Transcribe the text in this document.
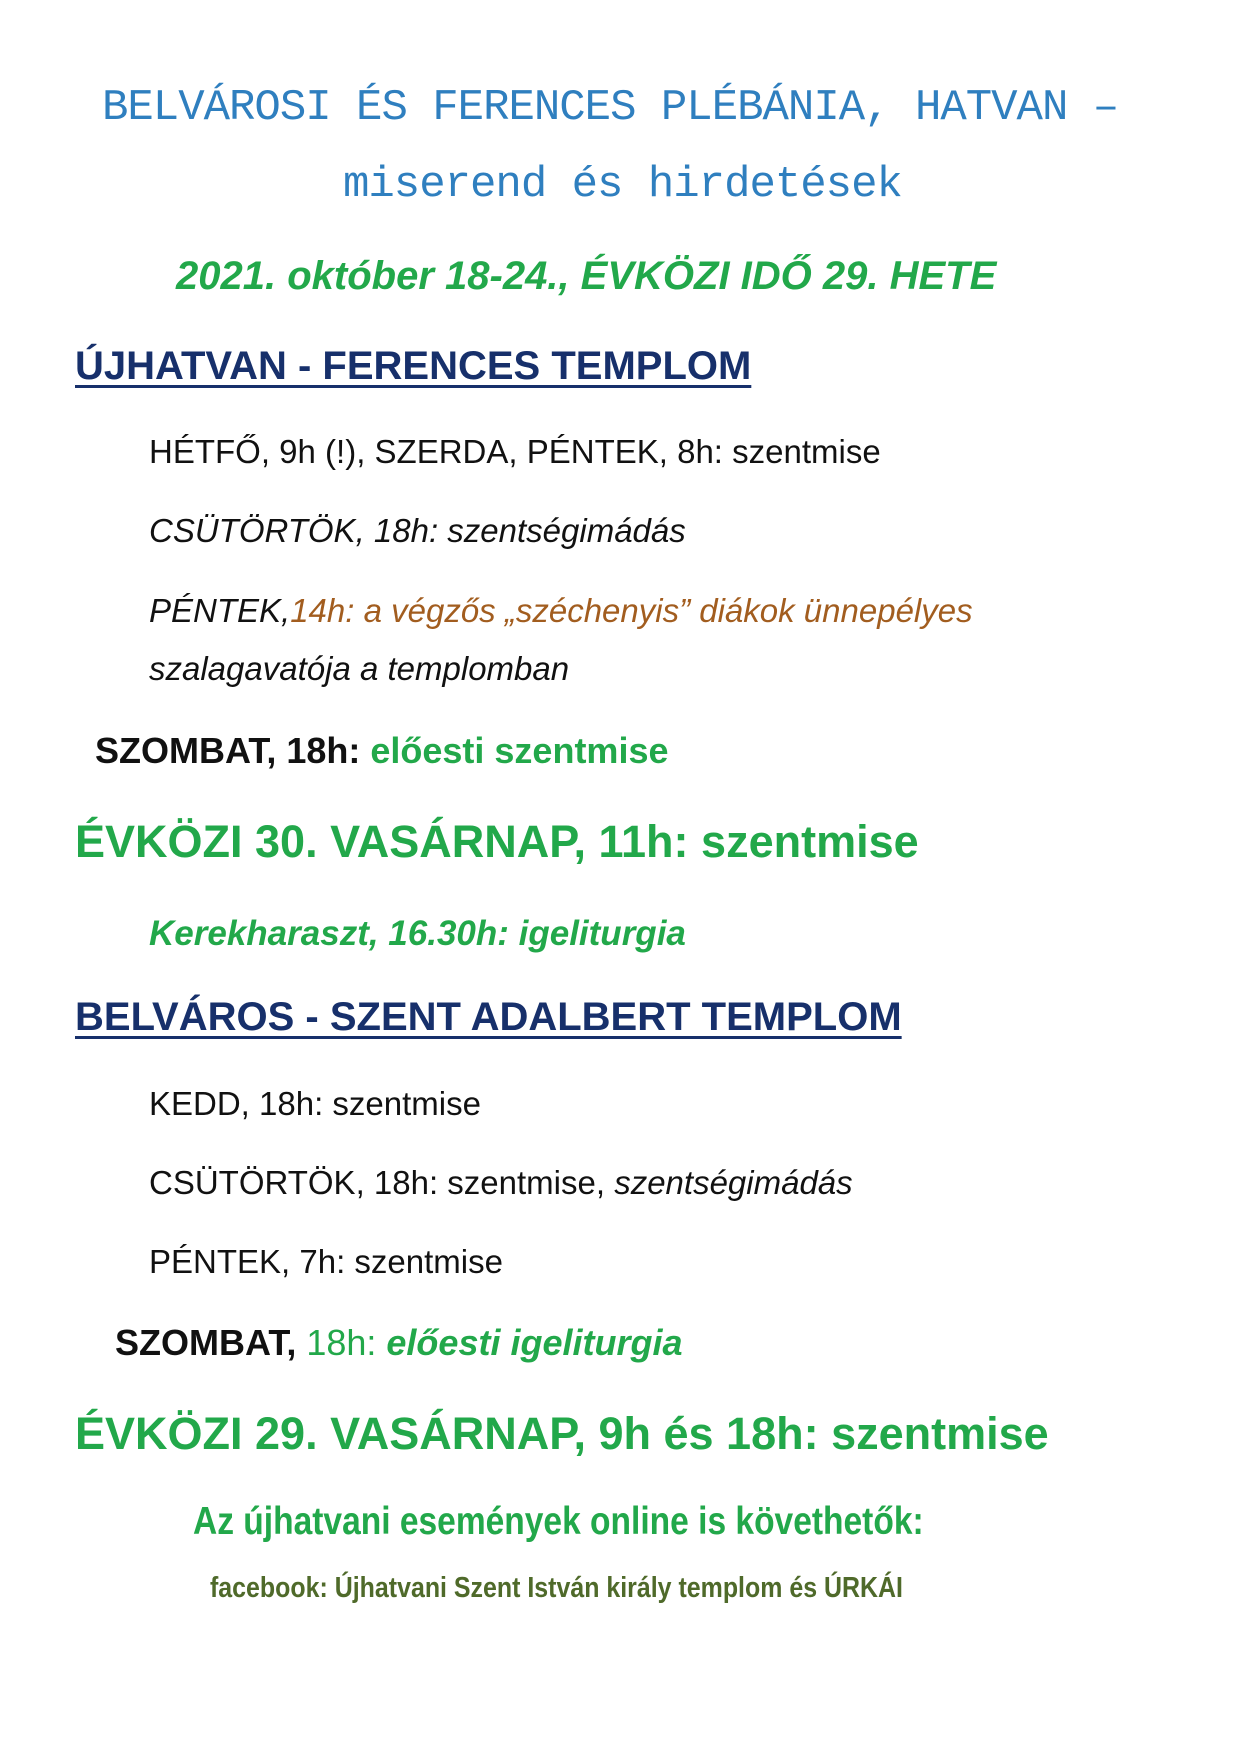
BELVÁROSI ÉS FERENCES PLÉBÁNIA, HATVAN –
miserend és hirdetések
2021. október 18-24., ÉVKÖZI IDŐ 29. HETE
ÚJHATVAN - FERENCES TEMPLOM
HÉTFŐ, 9h (!), SZERDA, PÉNTEK, 8h: szentmise
CSÜTÖRTÖK, 18h: szentségimádás
PÉNTEK,14h: a végzős „széchenyis” diákok ünnepélyes
szalagavatója a templomban
SZOMBAT, 18h: előesti szentmise
ÉVKÖZI 30. VASÁRNAP, 11h: szentmise
Kerekharaszt, 16.30h: igeliturgia
BELVÁROS - SZENT ADALBERT TEMPLOM
KEDD, 18h: szentmise
CSÜTÖRTÖK, 18h: szentmise, szentségimádás
PÉNTEK, 7h: szentmise
SZOMBAT, 18h: előesti igeliturgia
ÉVKÖZI 29. VASÁRNAP, 9h és 18h: szentmise
Az újhatvani események online is követhetők:
facebook: Újhatvani Szent István király templom és ÚRKÁI
